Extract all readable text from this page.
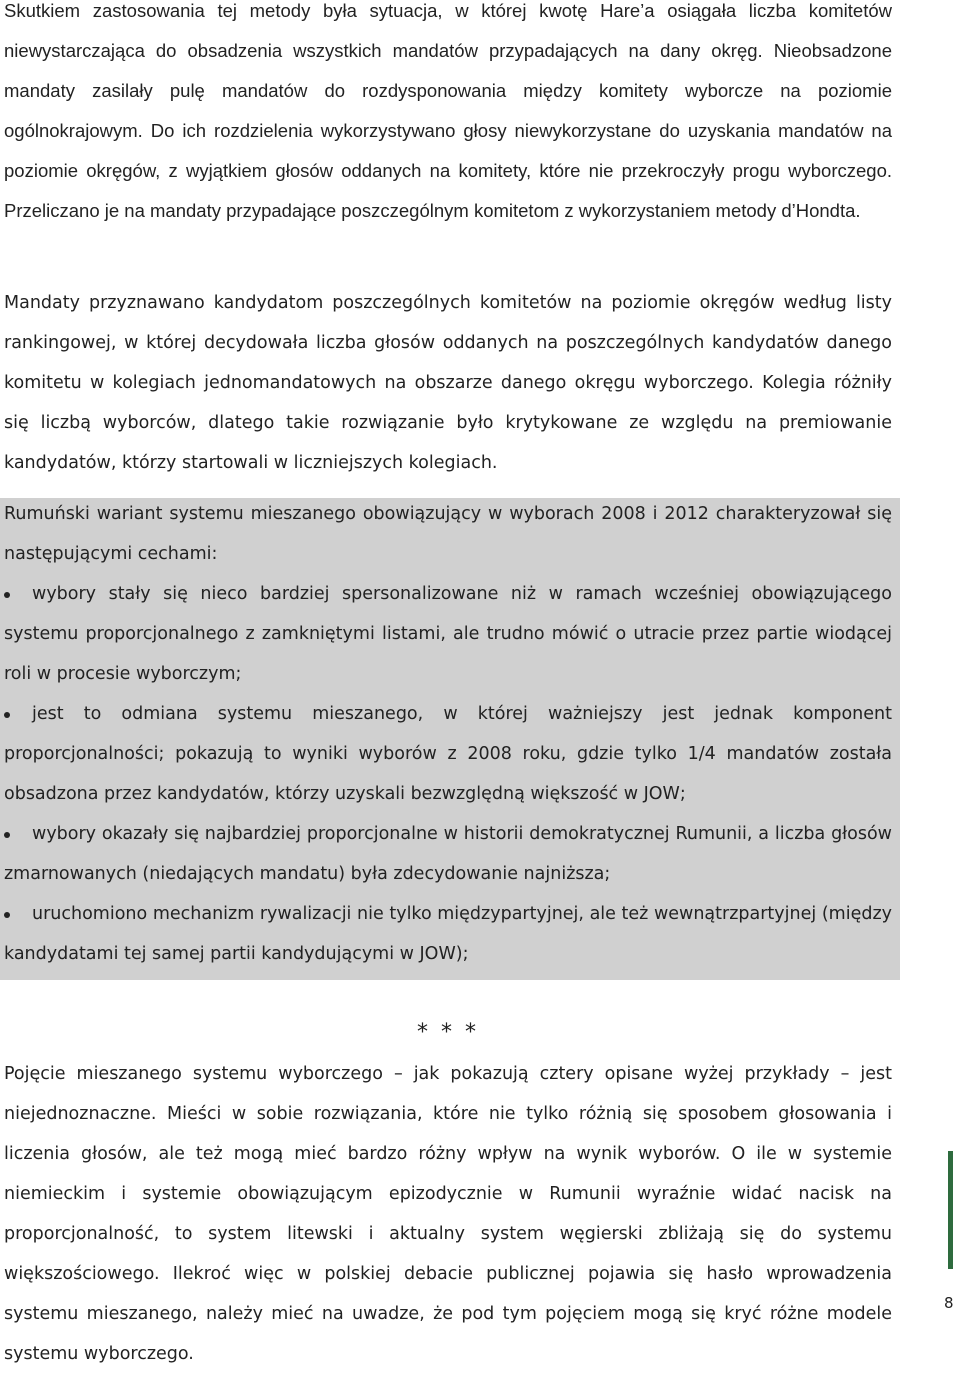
Skutkiem zastosowania tej metody była sytuacja, w której kwotę Hare’a osiągała liczba komitetów niewystarczająca do obsadzenia wszystkich mandatów przypadających na dany okręg. Nieobsadzone mandaty zasilały pulę mandatów do rozdysponowania między komitety wyborcze na poziomie ogólnokrajowym. Do ich rozdzielenia wykorzystywano głosy niewykorzystane do uzyskania mandatów na poziomie okręgów, z wyjątkiem głosów oddanych na komitety, które nie przekroczyły progu wyborczego. Przeliczano je na mandaty przypadające poszczególnym komitetom z wykorzystaniem metody d’Hondta.

Mandaty przyznawano kandydatom poszczególnych komitetów na poziomie okręgów według listy rankingowej, w której decydowała liczba głosów oddanych na poszczególnych kandydatów danego komitetu w kolegiach jednomandatowych na obszarze danego okręgu wyborczego. Kolegia różniły się liczbą wyborców, dlatego takie rozwiązanie było krytykowane ze względu na premiowanie kandydatów, którzy startowali w liczniejszych kolegiach.

Rumuński wariant systemu mieszanego obowiązujący w wyborach 2008 i 2012 charakteryzował się następującymi cechami:

wybory stały się nieco bardziej spersonalizowane niż w ramach wcześniej obowiązującego systemu proporcjonalnego z zamkniętymi listami, ale trudno mówić o utracie przez partie wiodącej roli w procesie wyborczym;
jest to odmiana systemu mieszanego, w której ważniejszy jest jednak komponent proporcjonalności; pokazują to wyniki wyborów z 2008 roku, gdzie tylko 1/4 mandatów została obsadzona przez kandydatów, którzy uzyskali bezwzględną większość w JOW;
wybory okazały się najbardziej proporcjonalne w historii demokratycznej Rumunii, a liczba głosów zmarnowanych (niedających mandatu) była zdecydowanie najniższa;
uruchomiono mechanizm rywalizacji nie tylko międzypartyjnej, ale też wewnątrzpartyjnej (między kandydatami tej samej partii kandydującymi w JOW);
* * *

Pojęcie mieszanego systemu wyborczego – jak pokazują cztery opisane wyżej przykłady – jest niejednoznaczne. Mieści w sobie rozwiązania, które nie tylko różnią się sposobem głosowania i liczenia głosów, ale też mogą mieć bardzo różny wpływ na wynik wyborów. O ile w systemie niemieckim i systemie obowiązującym epizodycznie w Rumunii wyraźnie widać nacisk na proporcjonalność, to system litewski i aktualny system węgierski zbliżają się do systemu większościowego. Ilekroć więc w polskiej debacie publicznej pojawia się hasło wprowadzenia systemu mieszanego, należy mieć na uwadze, że pod tym pojęciem mogą się kryć różne modele systemu wyborczego.

8
